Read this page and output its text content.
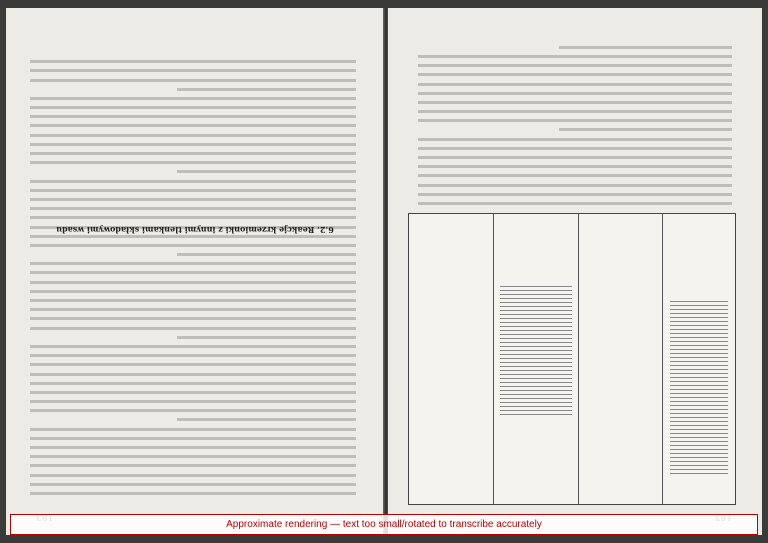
6.2. Reakcje krzemionki z innymi tlenkami składowymi wsadu
Approximate rendering — text too small/rotated to transcribe accurately
